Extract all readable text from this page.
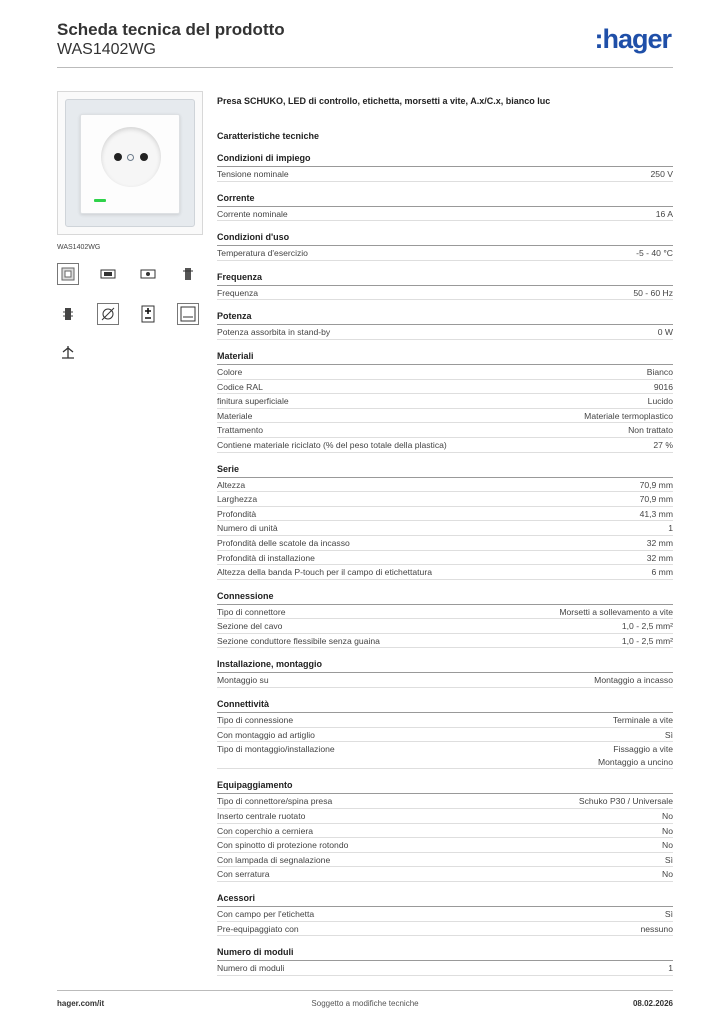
Scheda tecnica del prodotto
WAS1402WG	:hager
WAS1402WG
Presa SCHUKO, LED di controllo, etichetta, morsetti a vite, A.x/C.x, bianco luc
Caratteristiche tecniche
Condizioni di impiego
Tensione nominale	250 V
Corrente
Corrente nominale	16 A
Condizioni d'uso
Temperatura d'esercizio	-5 - 40 °C
Frequenza
Frequenza	50 - 60 Hz
Potenza
Potenza assorbita in stand-by	0 W
Materiali
Colore	Bianco
Codice RAL	9016
finitura superficiale	Lucido
Materiale	Materiale termoplastico
Trattamento	Non trattato
Contiene materiale riciclato (% del peso totale della plastica)	27 %
Serie
Altezza	70,9 mm
Larghezza	70,9 mm
Profondità	41,3 mm
Numero di unità	1
Profondità delle scatole da incasso	32 mm
Profondità di installazione	32 mm
Altezza della banda P-touch per il campo di etichettatura	6 mm
Connessione
Tipo di connettore	Morsetti a sollevamento a vite
Sezione del cavo	1,0 - 2,5 mm²
Sezione conduttore flessibile senza guaina	1,0 - 2,5 mm²
Installazione, montaggio
Montaggio su	Montaggio a incasso
Connettività
Tipo di connessione	Terminale a vite
Con montaggio ad artiglio	Sì
Tipo di montaggio/installazione	Fissaggio a vite
Montaggio a uncino
Equipaggiamento
Tipo di connettore/spina presa	Schuko P30 / Universale
Inserto centrale ruotato	No
Con coperchio a cerniera	No
Con spinotto di protezione rotondo	No
Con lampada di segnalazione	Sì
Con serratura	No
Acessori
Con campo per l'etichetta	Sì
Pre-equipaggiato con	nessuno
Numero di moduli
Numero di moduli	1
hager.com/it	Soggetto a modifiche tecniche	08.02.2026
